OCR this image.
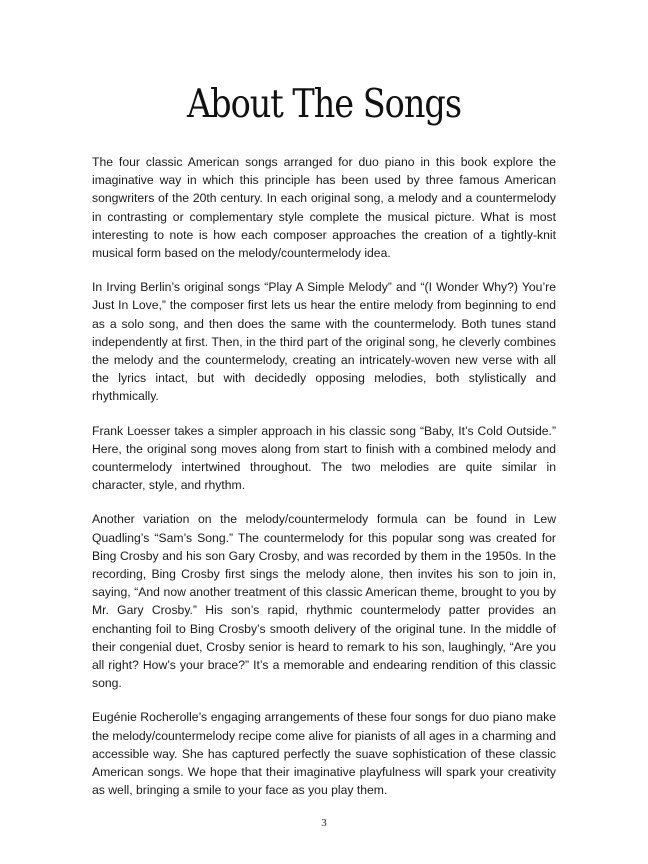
About The Songs

The four classic American songs arranged for duo piano in this book explore the imaginative way in which this principle has been used by three famous American songwriters of the 20th century. In each original song, a melody and a countermelody in contrasting or complementary style complete the musical picture. What is most interesting to note is how each composer approaches the creation of a tightly-knit musical form based on the melody/countermelody idea.

In Irving Berlin’s original songs “Play A Simple Melody” and “(I Wonder Why?) You’re Just In Love,” the composer first lets us hear the entire melody from beginning to end as a solo song, and then does the same with the countermelody. Both tunes stand independently at first. Then, in the third part of the original song, he cleverly combines the melody and the countermelody, creating an intricately-woven new verse with all the lyrics intact, but with decidedly opposing melodies, both stylistically and rhythmically.

Frank Loesser takes a simpler approach in his classic song “Baby, It’s Cold Outside.” Here, the original song moves along from start to finish with a combined melody and countermelody intertwined throughout. The two melodies are quite similar in character, style, and rhythm.

Another variation on the melody/countermelody formula can be found in Lew Quadling’s “Sam’s Song.” The countermelody for this popular song was created for Bing Crosby and his son Gary Crosby, and was recorded by them in the 1950s. In the recording, Bing Crosby first sings the melody alone, then invites his son to join in, saying, “And now another treatment of this classic American theme, brought to you by Mr. Gary Crosby.” His son’s rapid, rhythmic countermelody patter provides an enchanting foil to Bing Crosby’s smooth delivery of the original tune. In the middle of their congenial duet, Crosby senior is heard to remark to his son, laughingly, “Are you all right? How’s your brace?” It’s a memorable and endearing rendition of this classic song.

Eugénie Rocherolle’s engaging arrangements of these four songs for duo piano make the melody/countermelody recipe come alive for pianists of all ages in a charming and accessible way. She has captured perfectly the suave sophistication of these classic American songs. We hope that their imaginative playfulness will spark your creativity as well, bringing a smile to your face as you play them.

3
